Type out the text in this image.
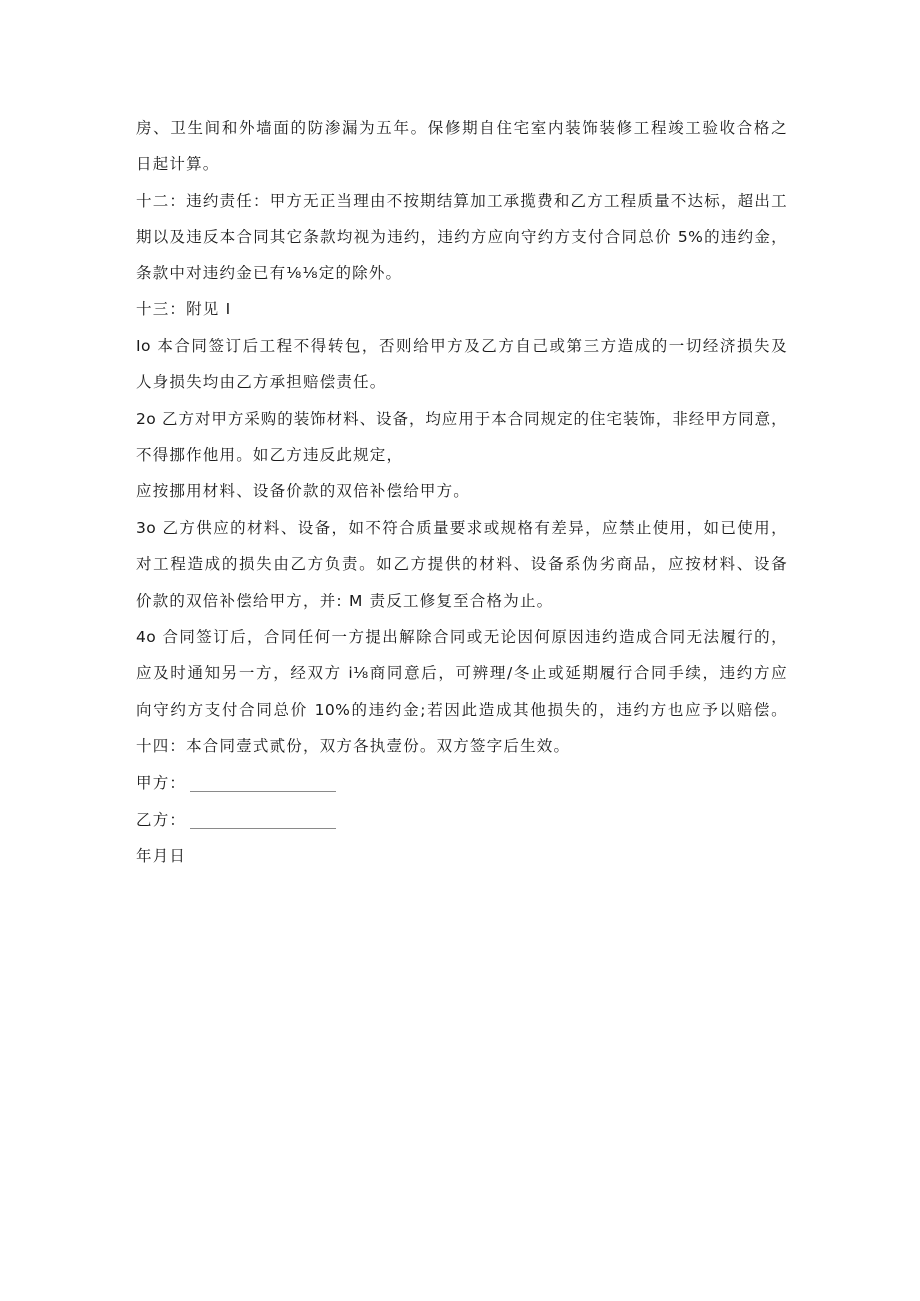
房、卫生间和外墙面的防渗漏为五年。保修期自住宅室内装饰装修工程竣工验收合格之
日起计算。
十二：违约责任：甲方无正当理由不按期结算加工承揽费和乙方工程质量不达标，超出工
期以及违反本合同其它条款均视为违约，违约方应向守约方支付合同总价 5%的违约金，
条款中对违约金已有⅛⅛定的除外。
十三：附见 I
Io 本合同签订后工程不得转包，否则给甲方及乙方自己或第三方造成的一切经济损失及
人身损失均由乙方承担赔偿责任。
2o 乙方对甲方采购的装饰材料、设备，均应用于本合同规定的住宅装饰，非经甲方同意，
不得挪作他用。如乙方违反此规定，
应按挪用材料、设备价款的双倍补偿给甲方。
3o 乙方供应的材料、设备，如不符合质量要求或规格有差异，应禁止使用，如已使用，
对工程造成的损失由乙方负责。如乙方提供的材料、设备系伪劣商品，应按材料、设备
价款的双倍补偿给甲方，并: M 责反工修复至合格为止。
4o 合同签订后，合同任何一方提出解除合同或无论因何原因违约造成合同无法履行的，
应及时通知另一方，经双方 i⅛商同意后，可辨理/冬止或延期履行合同手续，违约方应
向守约方支付合同总价 10%的违约金;若因此造成其他损失的，违约方也应予以赔偿。
十四：本合同壹式贰份，双方各执壹份。双方签字后生效。
甲方：
乙方：
年月日
